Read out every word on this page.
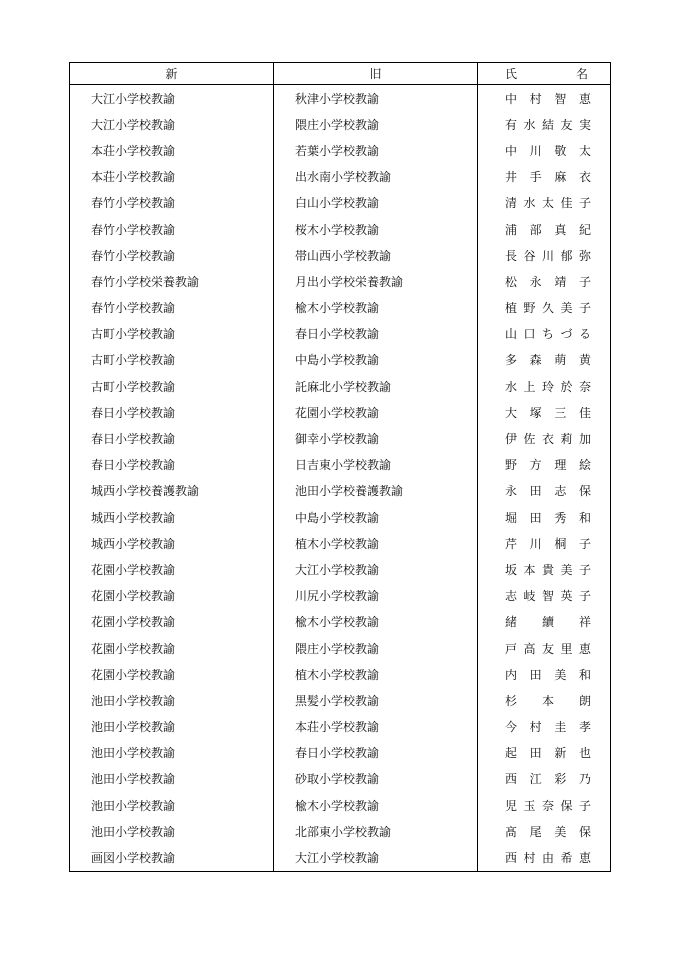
新	旧	氏 名

大江小学校教諭	秋津小学校教諭	中 村 智 恵

大江小学校教諭	隈庄小学校教諭	有 水 結 友 実

本荘小学校教諭	若葉小学校教諭	中 川 敬 太

本荘小学校教諭	出水南小学校教諭	井 手 麻 衣

春竹小学校教諭	白山小学校教諭	清 水 太 佳 子

春竹小学校教諭	桜木小学校教諭	浦 部 真 紀

春竹小学校教諭	帯山西小学校教諭	長 谷 川 郁 弥

春竹小学校栄養教諭	月出小学校栄養教諭	松 永 靖 子

春竹小学校教諭	楡木小学校教諭	植 野 久 美 子

古町小学校教諭	春日小学校教諭	山 口 ち づ る

古町小学校教諭	中島小学校教諭	多 森 萌 黄

古町小学校教諭	託麻北小学校教諭	水 上 玲 於 奈

春日小学校教諭	花園小学校教諭	大 塚 三 佳

春日小学校教諭	御幸小学校教諭	伊 佐 衣 莉 加

春日小学校教諭	日吉東小学校教諭	野 方 理 絵

城西小学校養護教諭	池田小学校養護教諭	永 田 志 保

城西小学校教諭	中島小学校教諭	堀 田 秀 和

城西小学校教諭	植木小学校教諭	芹 川 桐 子

花園小学校教諭	大江小学校教諭	坂 本 貴 美 子

花園小学校教諭	川尻小学校教諭	志 岐 智 英 子

花園小学校教諭	楡木小学校教諭	緒 續 祥

花園小学校教諭	隈庄小学校教諭	戸 高 友 里 恵

花園小学校教諭	植木小学校教諭	内 田 美 和

池田小学校教諭	黒髪小学校教諭	杉 本 朗

池田小学校教諭	本荘小学校教諭	今 村 圭 孝

池田小学校教諭	春日小学校教諭	起 田 新 也

池田小学校教諭	砂取小学校教諭	西 江 彩 乃

池田小学校教諭	楡木小学校教諭	児 玉 奈 保 子

池田小学校教諭	北部東小学校教諭	髙 尾 美 保

画図小学校教諭	大江小学校教諭	西 村 由 希 恵
